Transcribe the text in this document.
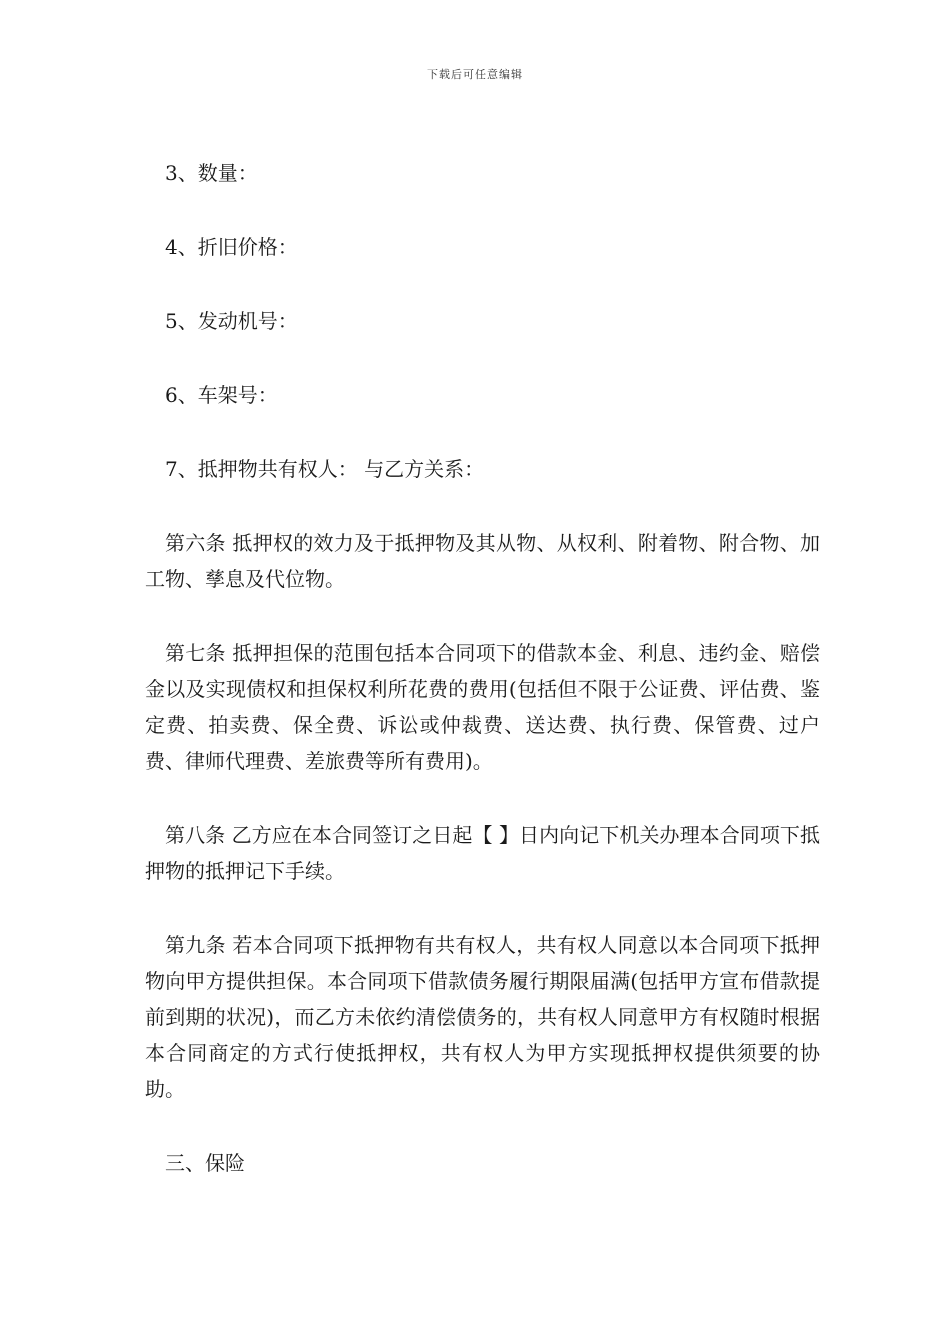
下载后可任意编辑
3、数量：
4、折旧价格：
5、发动机号：
6、车架号：
7、抵押物共有权人： 与乙方关系：

第六条 抵押权的效力及于抵押物及其从物、从权利、附着物、附合物、加工物、孳息及代位物。

第七条 抵押担保的范围包括本合同项下的借款本金、利息、违约金、赔偿金以及实现债权和担保权利所花费的费用(包括但不限于公证费、评估费、鉴定费、拍卖费、保全费、诉讼或仲裁费、送达费、执行费、保管费、过户费、律师代理费、差旅费等所有费用)。

第八条 乙方应在本合同签订之日起【 】日内向记下机关办理本合同项下抵押物的抵押记下手续。

第九条 若本合同项下抵押物有共有权人，共有权人同意以本合同项下抵押物向甲方提供担保。本合同项下借款债务履行期限届满(包括甲方宣布借款提前到期的状况)，而乙方未依约清偿债务的，共有权人同意甲方有权随时根据本合同商定的方式行使抵押权，共有权人为甲方实现抵押权提供须要的协助。

三、保险
